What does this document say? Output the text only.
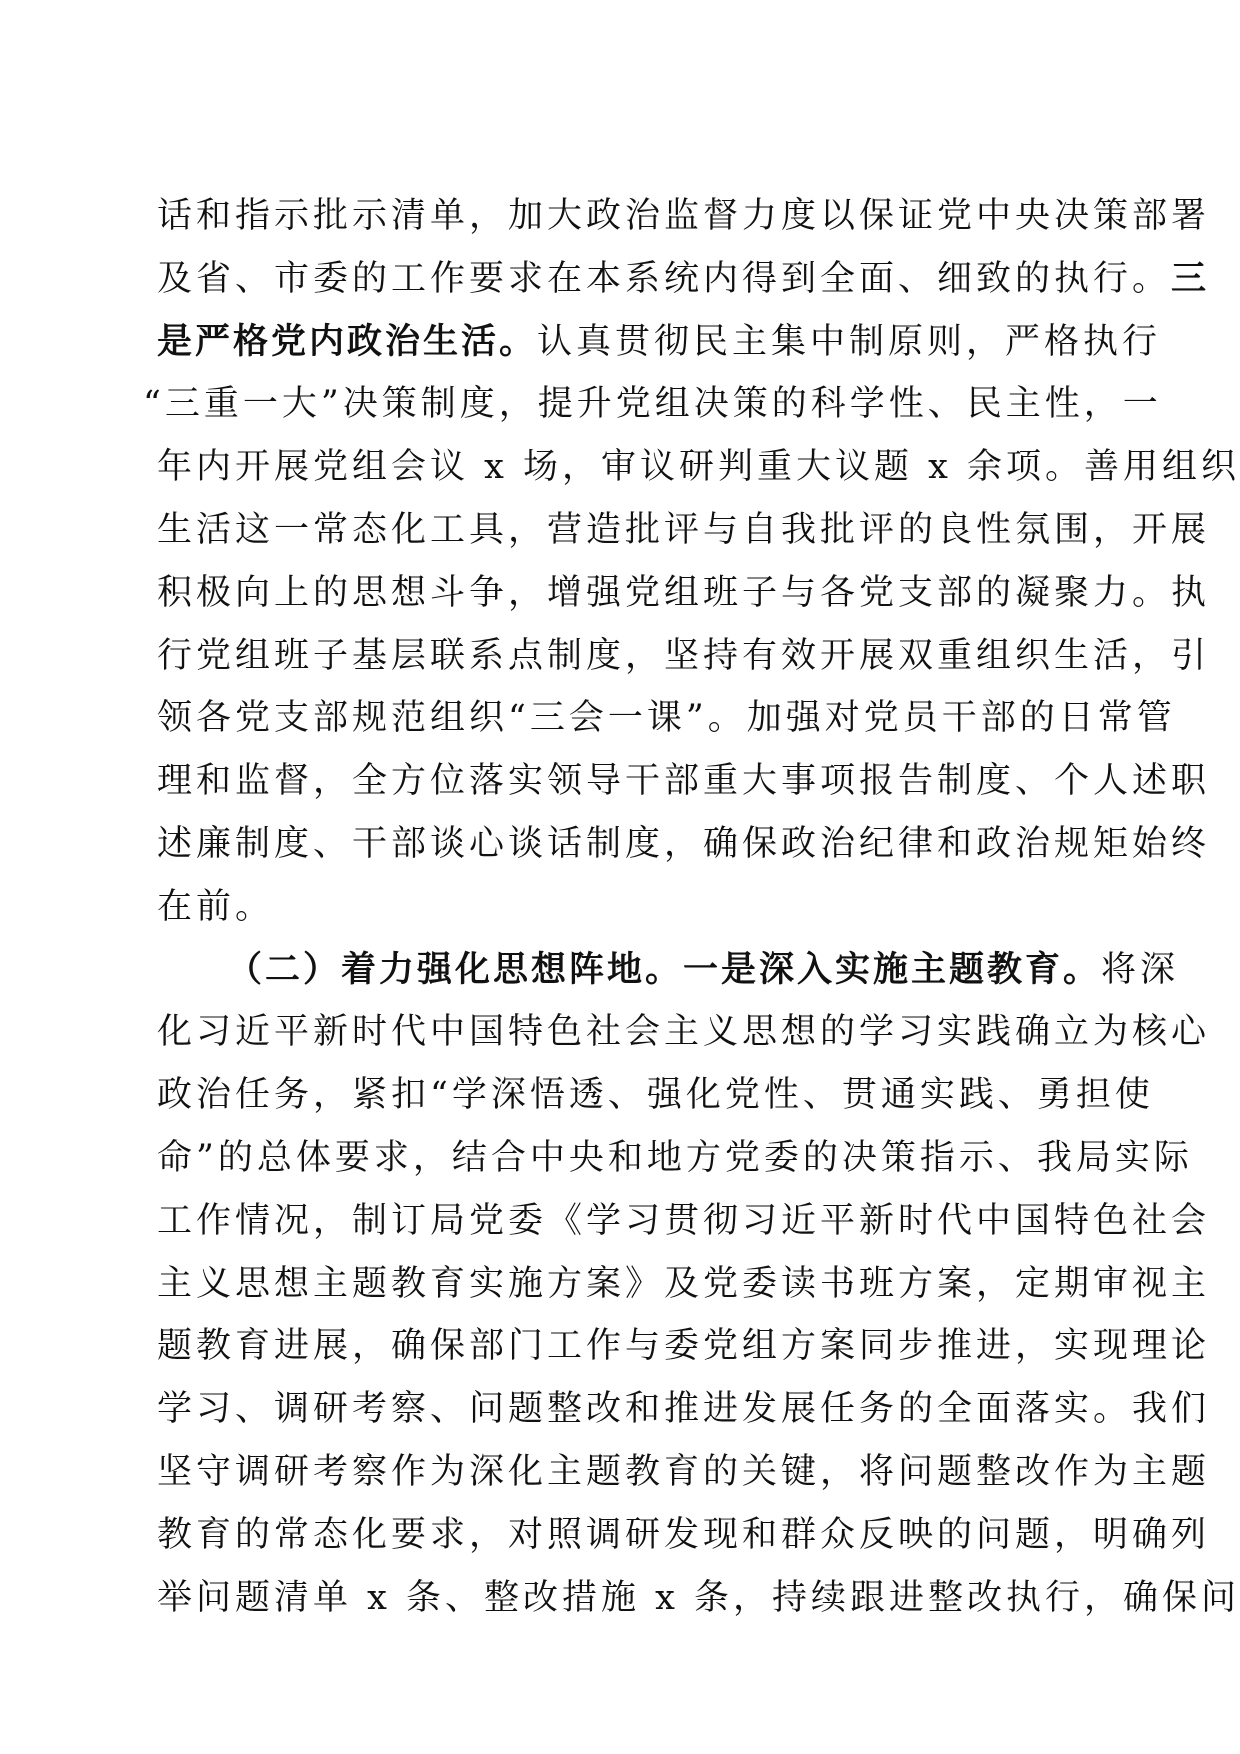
话和指示批示清单，加大政治监督力度以保证党中央决策部署
及省、市委的工作要求在本系统内得到全面、细致的执行。三
是严格党内政治生活。认真贯彻民主集中制原则，严格执行
“三重一大”决策制度，提升党组决策的科学性、民主性，一
年内开展党组会议 x 场，审议研判重大议题 x 余项。善用组织
生活这一常态化工具，营造批评与自我批评的良性氛围，开展
积极向上的思想斗争，增强党组班子与各党支部的凝聚力。执
行党组班子基层联系点制度，坚持有效开展双重组织生活，引
领各党支部规范组织“三会一课”。加强对党员干部的日常管
理和监督，全方位落实领导干部重大事项报告制度、个人述职
述廉制度、干部谈心谈话制度，确保政治纪律和政治规矩始终
在前。
（二）着力强化思想阵地。一是深入实施主题教育。将深
化习近平新时代中国特色社会主义思想的学习实践确立为核心
政治任务，紧扣“学深悟透、强化党性、贯通实践、勇担使
命”的总体要求，结合中央和地方党委的决策指示、我局实际
工作情况，制订局党委《学习贯彻习近平新时代中国特色社会
主义思想主题教育实施方案》及党委读书班方案，定期审视主
题教育进展，确保部门工作与委党组方案同步推进，实现理论
学习、调研考察、问题整改和推进发展任务的全面落实。我们
坚守调研考察作为深化主题教育的关键，将问题整改作为主题
教育的常态化要求，对照调研发现和群众反映的问题，明确列
举问题清单 x 条、整改措施 x 条，持续跟进整改执行，确保问
